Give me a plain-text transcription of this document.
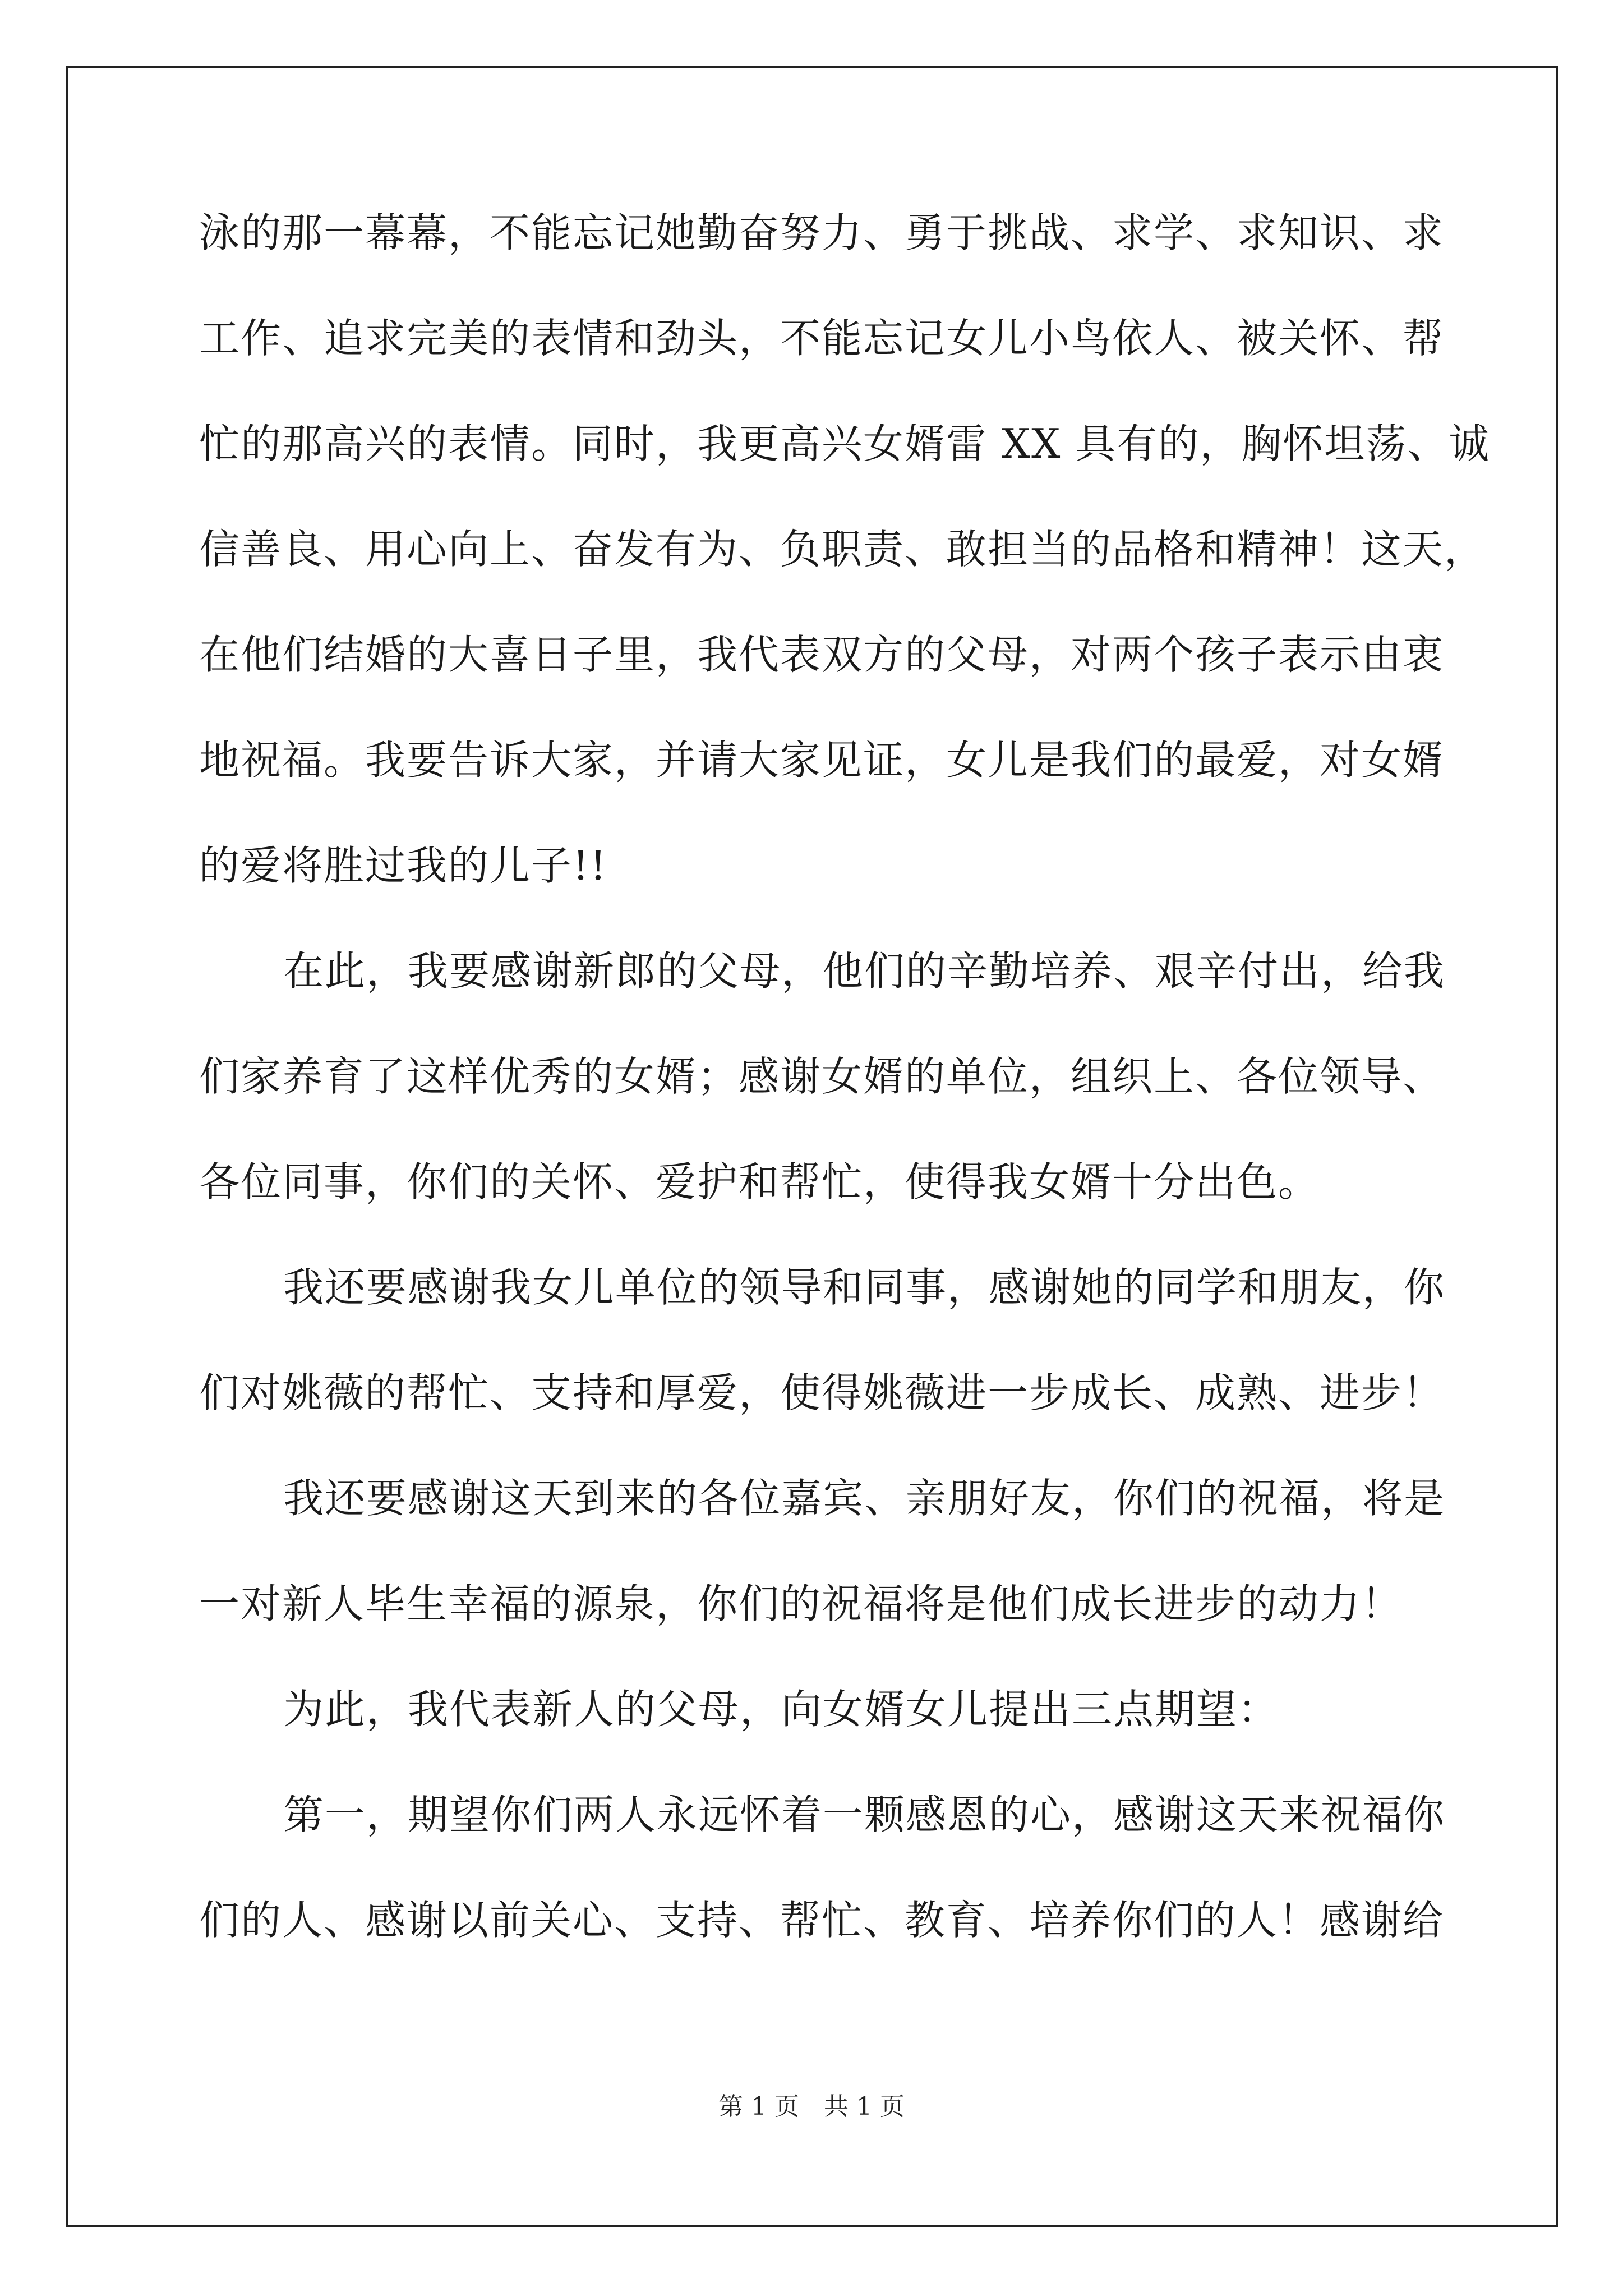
泳的那一幕幕，不能忘记她勤奋努力、勇于挑战、求学、求知识、求
工作、追求完美的表情和劲头，不能忘记女儿小鸟依人、被关怀、帮
忙的那高兴的表情。同时，我更高兴女婿雷 XX 具有的，胸怀坦荡、诚
信善良、用心向上、奋发有为、负职责、敢担当的品格和精神！这天，
在他们结婚的大喜日子里，我代表双方的父母，对两个孩子表示由衷
地祝福。我要告诉大家，并请大家见证，女儿是我们的最爱，对女婿
的爱将胜过我的儿子!!
在此，我要感谢新郎的父母，他们的辛勤培养、艰辛付出，给我
们家养育了这样优秀的女婿；感谢女婿的单位，组织上、各位领导、
各位同事，你们的关怀、爱护和帮忙，使得我女婿十分出色。
我还要感谢我女儿单位的领导和同事，感谢她的同学和朋友，你
们对姚薇的帮忙、支持和厚爱，使得姚薇进一步成长、成熟、进步！
我还要感谢这天到来的各位嘉宾、亲朋好友，你们的祝福，将是
一对新人毕生幸福的源泉，你们的祝福将是他们成长进步的动力！
为此，我代表新人的父母，向女婿女儿提出三点期望：
第一，期望你们两人永远怀着一颗感恩的心，感谢这天来祝福你
们的人、感谢以前关心、支持、帮忙、教育、培养你们的人！感谢给
第 1 页　共 1 页
